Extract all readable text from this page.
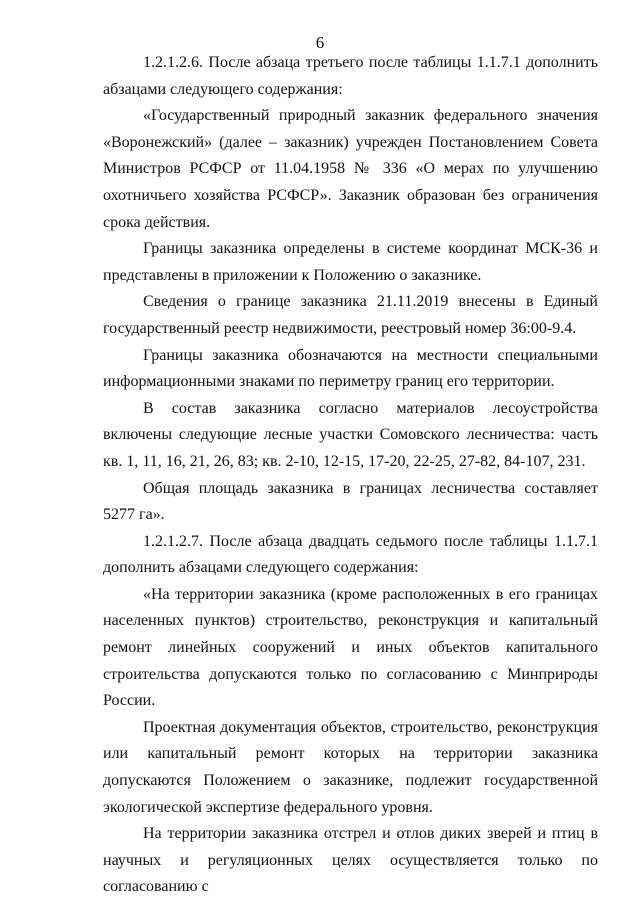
6

1.2.1.2.6. После абзаца третьего после таблицы 1.1.7.1 дополнить абзацами следующего содержания:

«Государственный природный заказник федерального значения «Воронежский» (далее – заказник) учрежден Постановлением Совета Министров РСФСР от 11.04.1958 № 336 «О мерах по улучшению охотничьего хозяйства РСФСР». Заказник образован без ограничения срока действия.

Границы заказника определены в системе координат МСК-36 и представлены в приложении к Положению о заказнике.

Сведения о границе заказника 21.11.2019 внесены в Единый государственный реестр недвижимости, реестровый номер 36:00-9.4.

Границы заказника обозначаются на местности специальными информационными знаками по периметру границ его территории.

В состав заказника согласно материалов лесоустройства включены следующие лесные участки Сомовского лесничества: часть кв. 1, 11, 16, 21, 26, 83; кв. 2-10, 12-15, 17-20, 22-25, 27-82, 84-107, 231.

Общая площадь заказника в границах лесничества составляет 5277 га».

1.2.1.2.7. После абзаца двадцать седьмого после таблицы 1.1.7.1 дополнить абзацами следующего содержания:

«На территории заказника (кроме расположенных в его границах населенных пунктов) строительство, реконструкция и капитальный ремонт линейных сооружений и иных объектов капитального строительства допускаются только по согласованию с Минприроды России.

Проектная документация объектов, строительство, реконструкция или капитальный ремонт которых на территории заказника допускаются Положением о заказнике, подлежит государственной экологической экспертизе федерального уровня.

На территории заказника отстрел и отлов диких зверей и птиц в научных и регуляционных целях осуществляется только по согласованию с
